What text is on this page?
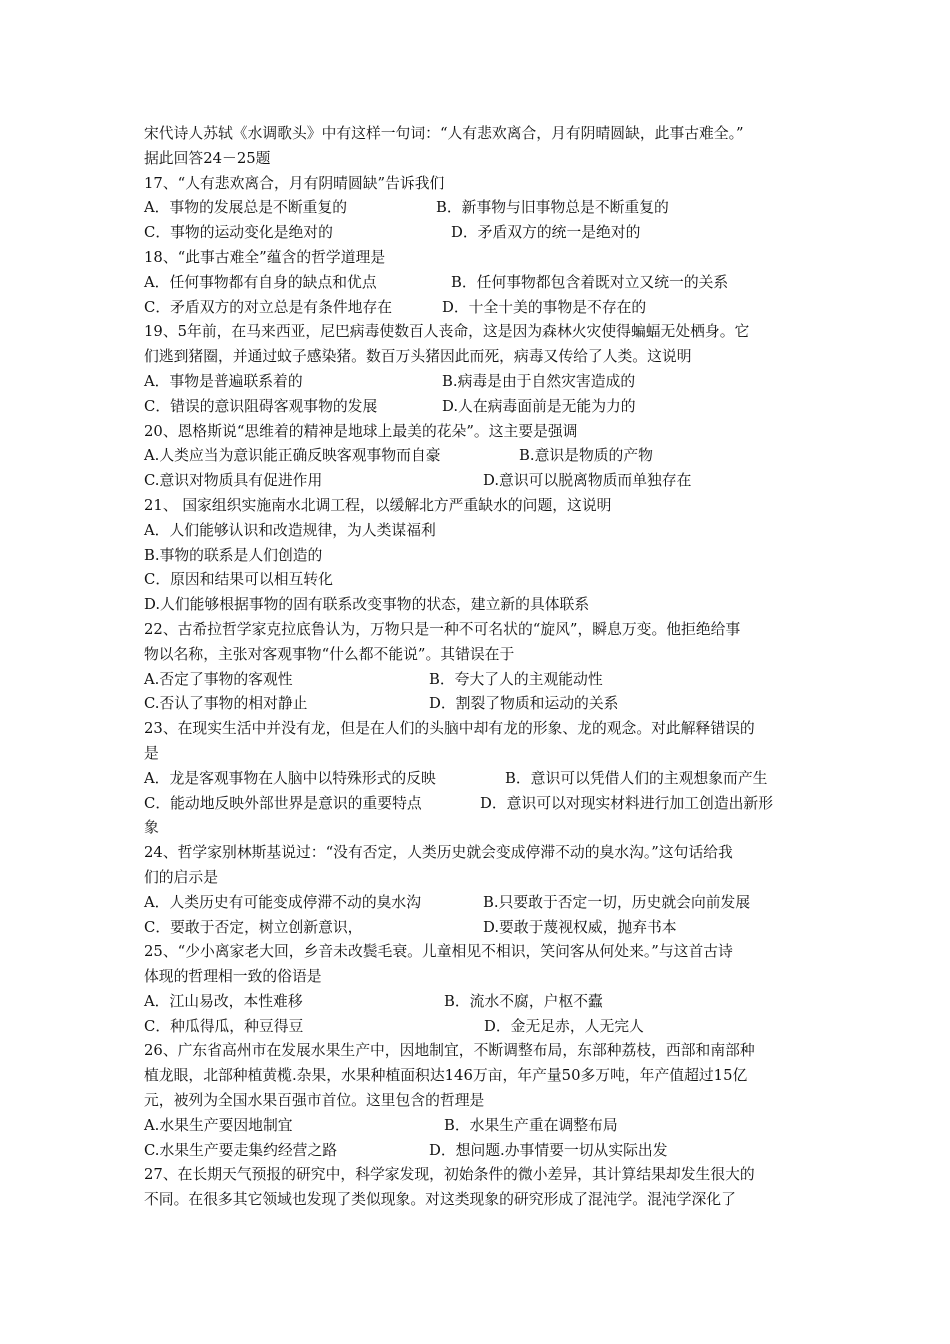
宋代诗人苏轼《水调歌头》中有这样一句词：“人有悲欢离合，月有阴晴圆缺，此事古难全。”
据此回答24－25题
17、“人有悲欢离合，月有阴晴圆缺”告诉我们
A．事物的发展总是不断重复的	B．新事物与旧事物总是不断重复的
C．事物的运动变化是绝对的	D．矛盾双方的统一是绝对的
18、“此事古难全”蕴含的哲学道理是
A．任何事物都有自身的缺点和优点	B．任何事物都包含着既对立又统一的关系
C．矛盾双方的对立总是有条件地存在	D．十全十美的事物是不存在的
19、5年前，在马来西亚，尼巴病毒使数百人丧命，这是因为森林火灾使得蝙蝠无处栖身。它
们逃到猪圈，并通过蚊子感染猪。数百万头猪因此而死，病毒又传给了人类。这说明
A．事物是普遍联系着的	B.病毒是由于自然灾害造成的
C．错误的意识阻碍客观事物的发展	D.人在病毒面前是无能为力的
20、恩格斯说“思维着的精神是地球上最美的花朵”。这主要是强调
A.人类应当为意识能正确反映客观事物而自豪	B.意识是物质的产物
C.意识对物质具有促进作用	D.意识可以脱离物质而单独存在
21、 国家组织实施南水北调工程，以缓解北方严重缺水的问题，这说明
A．人们能够认识和改造规律，为人类谋福利
B.事物的联系是人们创造的
C．原因和结果可以相互转化
D.人们能够根据事物的固有联系改变事物的状态，建立新的具体联系
22、古希拉哲学家克拉底鲁认为，万物只是一种不可名状的“旋风”，瞬息万变。他拒绝给事
物以名称，主张对客观事物“什么都不能说”。其错误在于
A.否定了事物的客观性	B．夸大了人的主观能动性
C.否认了事物的相对静止	D．割裂了物质和运动的关系
23、在现实生活中并没有龙，但是在人们的头脑中却有龙的形象、龙的观念。对此解释错误的
是
A．龙是客观事物在人脑中以特殊形式的反映	B．意识可以凭借人们的主观想象而产生
C．能动地反映外部世界是意识的重要特点	D．意识可以对现实材料进行加工创造出新形
象
24、哲学家别林斯基说过：“没有否定，人类历史就会变成停滞不动的臭水沟。”这句话给我
们的启示是
A．人类历史有可能变成停滞不动的臭水沟	B.只要敢于否定一切，历史就会向前发展
C．要敢于否定，树立创新意识，	D.要敢于蔑视权威，抛弃书本
25、“少小离家老大回，乡音未改鬓毛衰。儿童相见不相识，笑问客从何处来。”与这首古诗
体现的哲理相一致的俗语是
A．江山易改，本性难移	B．流水不腐，户枢不蠹
C．种瓜得瓜，种豆得豆	D．金无足赤，人无完人
26、广东省高州市在发展水果生产中，因地制宜，不断调整布局，东部种荔枝，西部和南部种
植龙眼，北部种植黄榄.杂果，水果种植面积达146万亩，年产量50多万吨，年产值超过15亿
元，被列为全国水果百强市首位。这里包含的哲理是
A.水果生产要因地制宜	B．水果生产重在调整布局
C.水果生产要走集约经营之路	D．想问题.办事情要一切从实际出发
27、在长期天气预报的研究中，科学家发现，初始条件的微小差异，其计算结果却发生很大的
不同。在很多其它领域也发现了类似现象。对这类现象的研究形成了混沌学。混沌学深化了
